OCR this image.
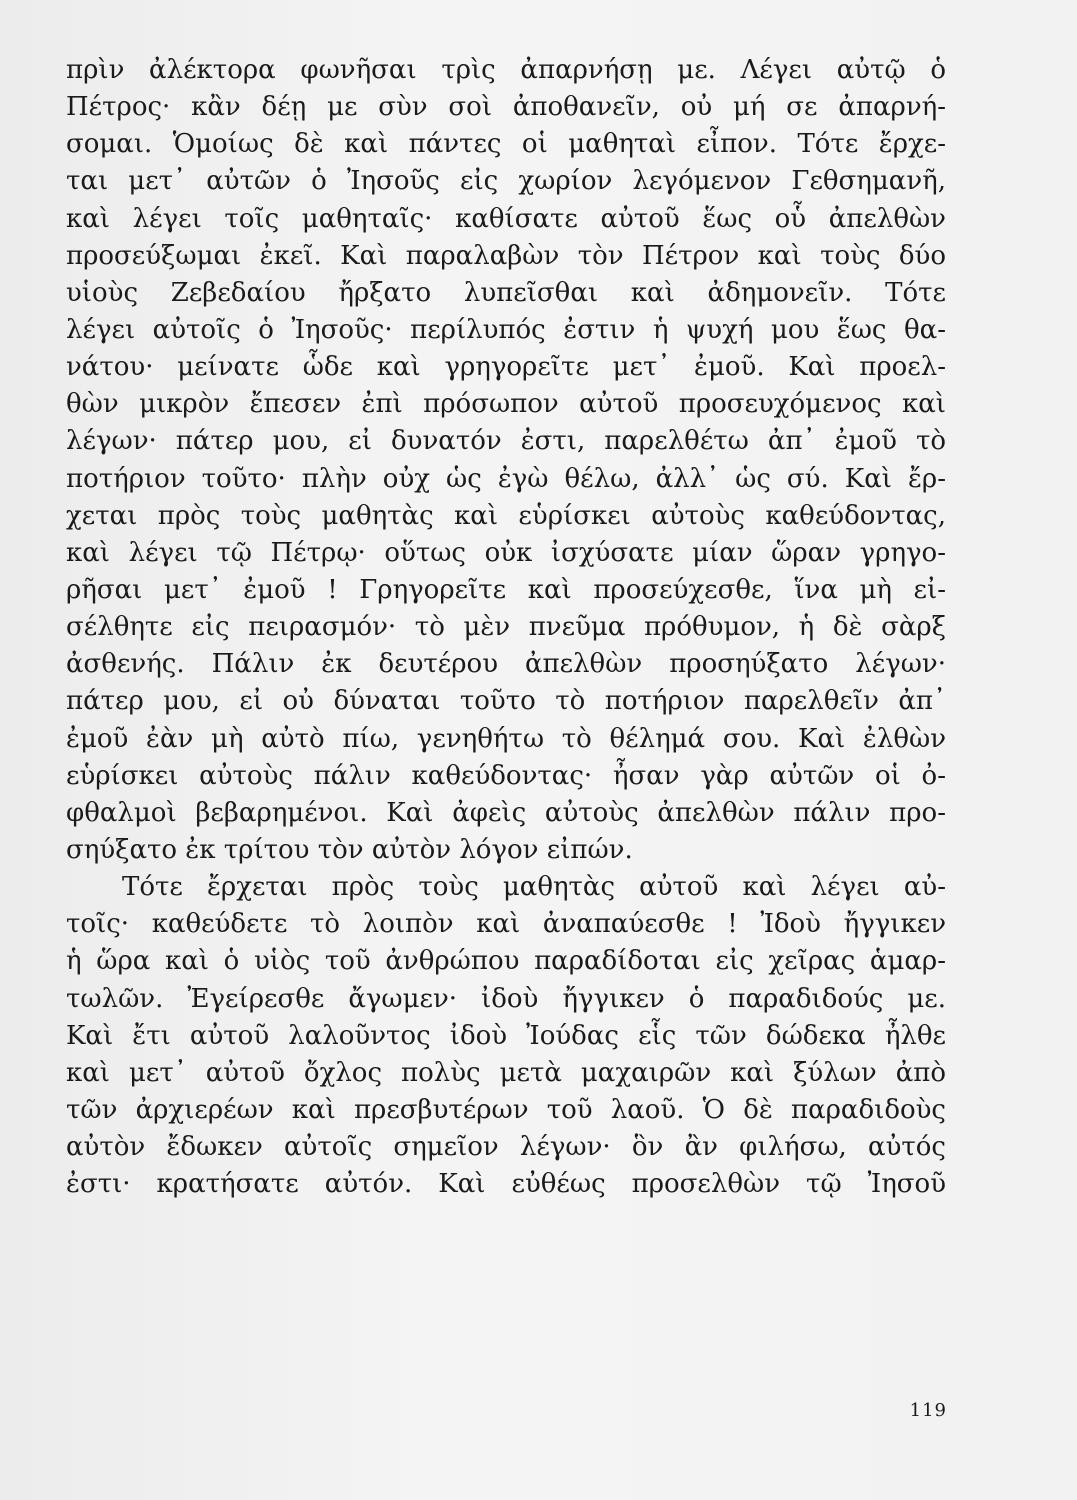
πρὶν ἀλέκτορα φωνῆσαι τρὶς ἀπαρνήσῃ με. Λέγει αὐτῷ ὁ
Πέτρος· κἂν δέῃ με σὺν σοὶ ἀποθανεῖν, οὐ μή σε ἀπαρνή-
σομαι. Ὁμοίως δὲ καὶ πάντες οἱ μαθηταὶ εἶπον. Τότε ἔρχε-
ται μετ᾽ αὐτῶν ὁ Ἰησοῦς εἰς χωρίον λεγόμενον Γεθσημανῆ,
καὶ λέγει τοῖς μαθηταῖς· καθίσατε αὐτοῦ ἕως οὗ ἀπελθὼν
προσεύξωμαι ἐκεῖ. Καὶ παραλαβὼν τὸν Πέτρον καὶ τοὺς δύο
υἱοὺς Ζεβεδαίου ἤρξατο λυπεῖσθαι καὶ ἀδημονεῖν. Τότε
λέγει αὐτοῖς ὁ Ἰησοῦς· περίλυπός ἐστιν ἡ ψυχή μου ἕως θα-
νάτου· μείνατε ὧδε καὶ γρηγορεῖτε μετ᾽ ἐμοῦ. Καὶ προελ-
θὼν μικρὸν ἔπεσεν ἐπὶ πρόσωπον αὐτοῦ προσευχόμενος καὶ
λέγων· πάτερ μου, εἰ δυνατόν ἐστι, παρελθέτω ἀπ᾽ ἐμοῦ τὸ
ποτήριον τοῦτο· πλὴν οὐχ ὡς ἐγὼ θέλω, ἀλλ᾽ ὡς σύ. Καὶ ἔρ-
χεται πρὸς τοὺς μαθητὰς καὶ εὑρίσκει αὐτοὺς καθεύδοντας,
καὶ λέγει τῷ Πέτρῳ· οὕτως οὐκ ἰσχύσατε μίαν ὥραν γρηγο-
ρῆσαι μετ᾽ ἐμοῦ ! Γρηγορεῖτε καὶ προσεύχεσθε, ἵνα μὴ εἰ-
σέλθητε εἰς πειρασμόν· τὸ μὲν πνεῦμα πρόθυμον, ἡ δὲ σὰρξ
ἀσθενής. Πάλιν ἐκ δευτέρου ἀπελθὼν προσηύξατο λέγων·
πάτερ μου, εἰ οὐ δύναται τοῦτο τὸ ποτήριον παρελθεῖν ἀπ᾽
ἐμοῦ ἐὰν μὴ αὐτὸ πίω, γενηθήτω τὸ θέλημά σου. Καὶ ἐλθὼν
εὑρίσκει αὐτοὺς πάλιν καθεύδοντας· ἦσαν γὰρ αὐτῶν οἱ ὀ-
φθαλμοὶ βεβαρημένοι. Καὶ ἀφεὶς αὐτοὺς ἀπελθὼν πάλιν προ-
σηύξατο ἐκ τρίτου τὸν αὐτὸν λόγον εἰπών.
Τότε ἔρχεται πρὸς τοὺς μαθητὰς αὐτοῦ καὶ λέγει αὐ-
τοῖς· καθεύδετε τὸ λοιπὸν καὶ ἀναπαύεσθε ! Ἰδοὺ ἤγγικεν
ἡ ὥρα καὶ ὁ υἱὸς τοῦ ἀνθρώπου παραδίδοται εἰς χεῖρας ἁμαρ-
τωλῶν. Ἐγείρεσθε ἄγωμεν· ἰδοὺ ἤγγικεν ὁ παραδιδούς με.
Καὶ ἔτι αὐτοῦ λαλοῦντος ἰδοὺ Ἰούδας εἷς τῶν δώδεκα ἦλθε
καὶ μετ᾽ αὐτοῦ ὄχλος πολὺς μετὰ μαχαιρῶν καὶ ξύλων ἀπὸ
τῶν ἀρχιερέων καὶ πρεσβυτέρων τοῦ λαοῦ. Ὁ δὲ παραδιδοὺς
αὐτὸν ἔδωκεν αὐτοῖς σημεῖον λέγων· ὃν ἂν φιλήσω, αὐτός
ἐστι· κρατήσατε αὐτόν. Καὶ εὐθέως προσελθὼν τῷ Ἰησοῦ
119
